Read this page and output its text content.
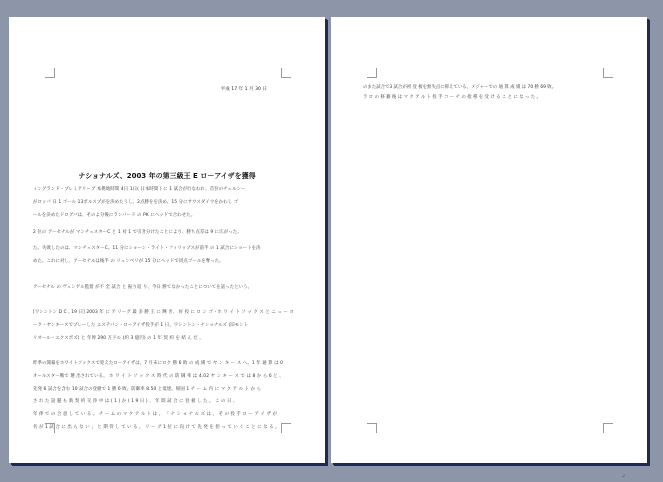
平成 17 年 1 月 30 日
ナショナルズ、2003 年の第三級王 E ロ－アイザを獲得
ィングランド・プレミアリーグ 本拠地時間 4日 1日( 日本時間 ) に 1 試合が行なわれ、首位のチェルシー
がロッパ 日 1 ゴール 13ポルスプがを決めたうし、2点勝をを決め、15 分にサウスダイウをかわし ゴ
ールを決めたドログバは、そのよ分後にランパード の PK にヘッドで合わせた。
2 位の アーセナルが マンチェスターC と 1 対 1 で引き分けたことにより、勝ち点差は 9 に広がった。
た。失敗したのは、マンチェスターC。11 分にショーン・ライト・フィリップスが前半 の 1 試合にショートを決
めた。これに対し、アーセナルは後半 の リュンベリが 15 分にヘッドで同点ゴールを奪った。
アーセナル の ヴェンゲル監督 が不 全 試合 と 振り返 り、今日 勝てなかったことについてを話ったという。
[ワシントン D C , 19 日] 2003 年 に ア リーグ 最 多 勝 王 に 輝 き、 好 投 に ロ ン ゴ・ホ ワ イ ト ソ ッ ク ス と ニ ュ ー ヨ
ーク・ヤンキースでプレーした エステバン・ローアイザ投手が 1 日、ワシントン・ナショナルズ (旧モント
リオール・エクスポズ) と 年俸 290 万ドル (約 3 億円) の 1 年 契 約 を 結 ん だ 。
昨季の開幕をホワイトソックスで迎えたローアイザは、7 月末にロク 勝 6 敗 の 成 績 で ヤ ン キ ー ス へ。1 年 通 算 は 0
オールスター戦で 選 出されている。 ホ ワ イ ト ソ ッ ク ス 時 代 の 防 御 率 は 4.02 ヤ ン キ ー ス で は 8 か ら 6 と 、
先発 6 試合を含む 10 試合の登板で 1 勝 6 敗、防御率 8.50 と低迷。帰国 1 チ ー ム 内 に マ ク ア ル ト か ら
さ れ た 話 題 も 新 契 約 交 渉 中 は ( 1 ) か ( 1 9 日 ) 、 年 間 試 合 に 登 板 し た 。 こ の 日 、
年 俸 で の 合 意 し て い る 。 チ ー ム の マ ク ア ル ト は 、 「 ナ シ ョ ナ ル ズ は 、 そ の 投 手 ロ ー ア イ ザ が
名 が 1 試 合 に 出 ら な い 」 と 期 待 し て い る 。 リ ー グ 1 位 に 向 け て 先 発 を 担 っ て い く こ と に な る 。
のまた試合で3 試合が初 登 板を無失点に抑えている。メジャーでの 通 算 成 績 は 70 勝 69 敗。
ラ ロ の 移 籍 後 は マ ク ア ル ト 投 手 コ ー チ の 指 導 を 受 け る こ と に な っ た 。
⌟
